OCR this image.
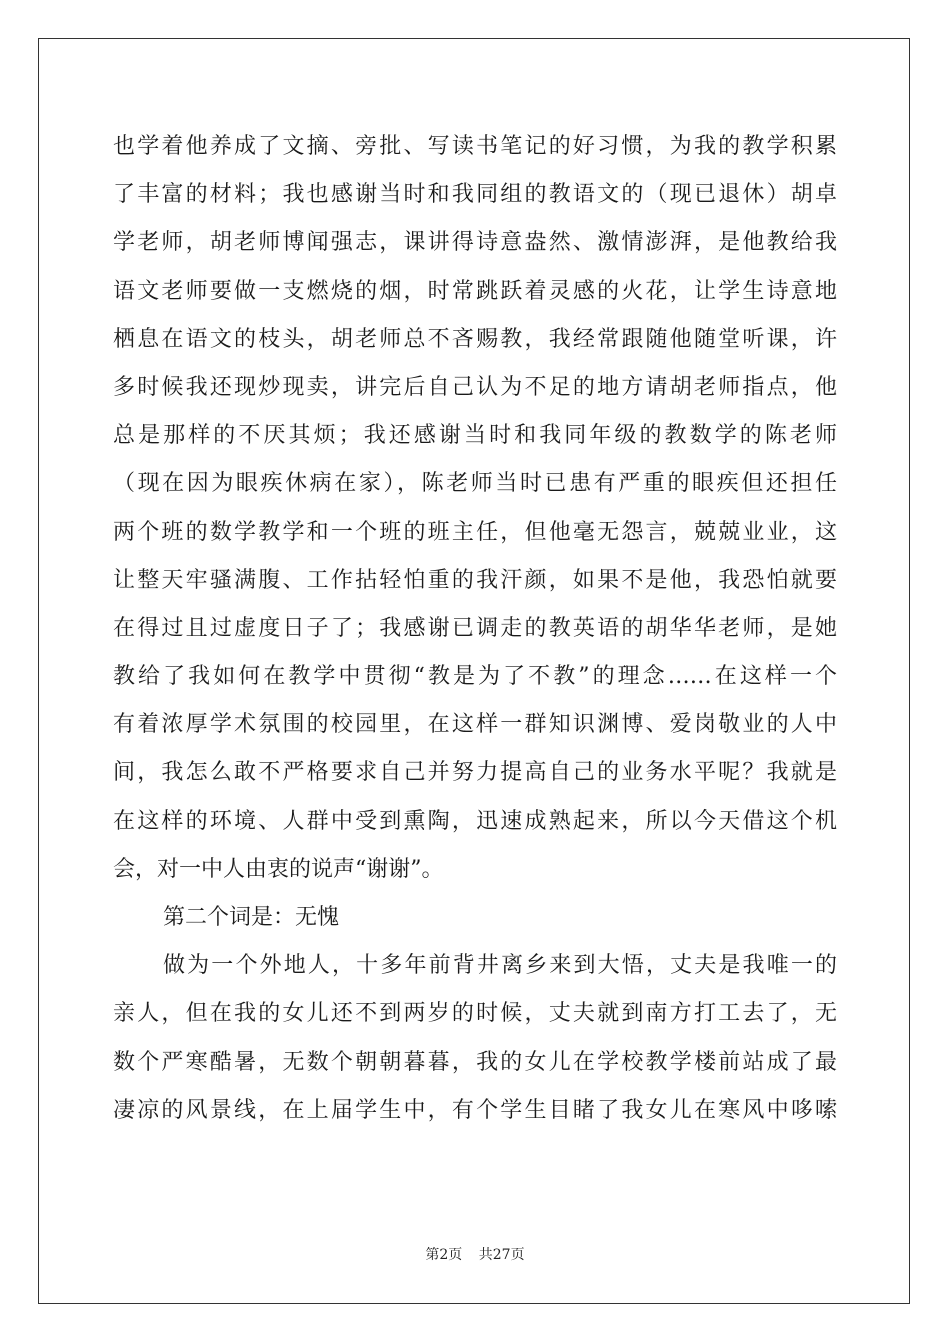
也学着他养成了文摘、旁批、写读书笔记的好习惯，为我的教学积累
了丰富的材料；我也感谢当时和我同组的教语文的（现已退休）胡卓
学老师，胡老师博闻强志，课讲得诗意盎然、激情澎湃，是他教给我
语文老师要做一支燃烧的烟，时常跳跃着灵感的火花，让学生诗意地
栖息在语文的枝头，胡老师总不吝赐教，我经常跟随他随堂听课，许
多时候我还现炒现卖，讲完后自己认为不足的地方请胡老师指点，他
总是那样的不厌其烦；我还感谢当时和我同年级的教数学的陈老师
（现在因为眼疾休病在家），陈老师当时已患有严重的眼疾但还担任
两个班的数学教学和一个班的班主任，但他毫无怨言，兢兢业业，这
让整天牢骚满腹、工作拈轻怕重的我汗颜，如果不是他，我恐怕就要
在得过且过虚度日子了；我感谢已调走的教英语的胡华华老师，是她
教给了我如何在教学中贯彻“教是为了不教”的理念……在这样一个
有着浓厚学术氛围的校园里，在这样一群知识渊博、爱岗敬业的人中
间，我怎么敢不严格要求自己并努力提高自己的业务水平呢？我就是
在这样的环境、人群中受到熏陶，迅速成熟起来，所以今天借这个机
会，对一中人由衷的说声“谢谢”。
第二个词是：无愧
做为一个外地人，十多年前背井离乡来到大悟，丈夫是我唯一的
亲人，但在我的女儿还不到两岁的时候，丈夫就到南方打工去了，无
数个严寒酷暑，无数个朝朝暮暮，我的女儿在学校教学楼前站成了最
凄凉的风景线，在上届学生中，有个学生目睹了我女儿在寒风中哆嗦
第2页 共27页
